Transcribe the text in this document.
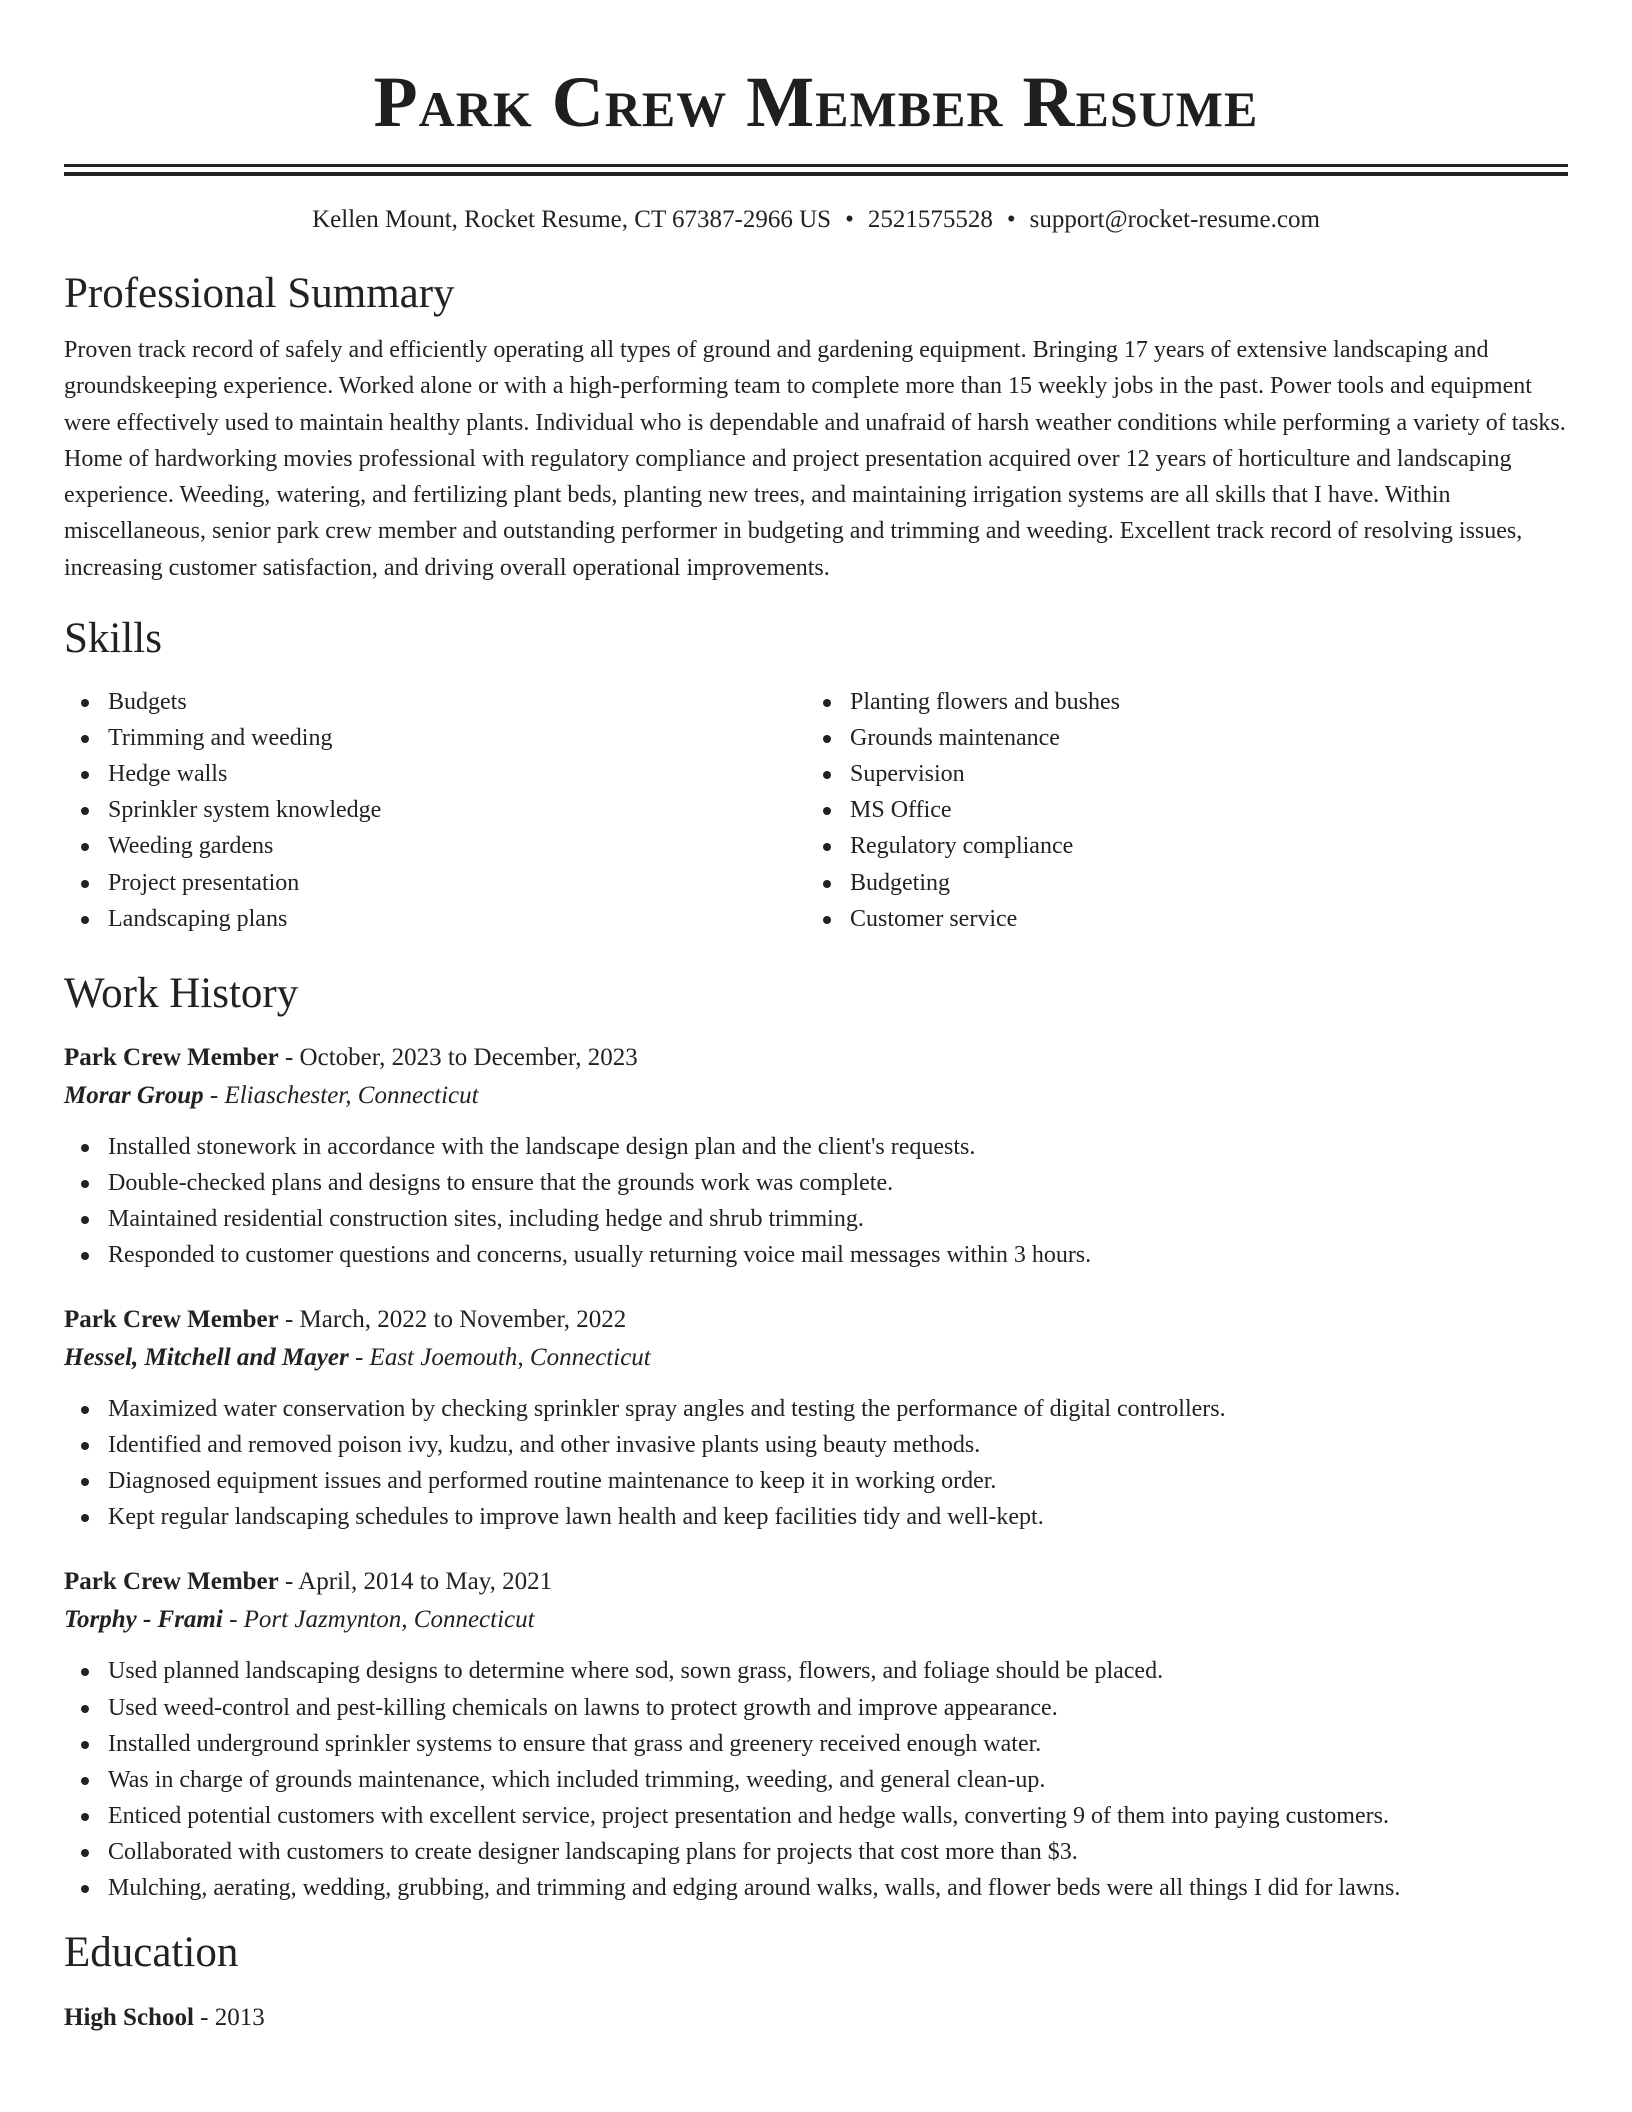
Park Crew Member Resume
Kellen Mount, Rocket Resume, CT 67387-2966 US • 2521575528 • support@rocket-resume.com
Professional Summary

Proven track record of safely and efficiently operating all types of ground and gardening equipment. Bringing 17 years of extensive landscaping and groundskeeping experience. Worked alone or with a high-performing team to complete more than 15 weekly jobs in the past. Power tools and equipment were effectively used to maintain healthy plants. Individual who is dependable and unafraid of harsh weather conditions while performing a variety of tasks. Home of hardworking movies professional with regulatory compliance and project presentation acquired over 12 years of horticulture and landscaping experience. Weeding, watering, and fertilizing plant beds, planting new trees, and maintaining irrigation systems are all skills that I have. Within miscellaneous, senior park crew member and outstanding performer in budgeting and trimming and weeding. Excellent track record of resolving issues, increasing customer satisfaction, and driving overall operational improvements.

Skills
Budgets
Trimming and weeding
Hedge walls
Sprinkler system knowledge
Weeding gardens
Project presentation
Landscaping plans
Planting flowers and bushes
Grounds maintenance
Supervision
MS Office
Regulatory compliance
Budgeting
Customer service
Work History
Park Crew Member - October, 2023 to December, 2023
Morar Group - Eliaschester, Connecticut
Installed stonework in accordance with the landscape design plan and the client's requests.
Double-checked plans and designs to ensure that the grounds work was complete.
Maintained residential construction sites, including hedge and shrub trimming.
Responded to customer questions and concerns, usually returning voice mail messages within 3 hours.
Park Crew Member - March, 2022 to November, 2022
Hessel, Mitchell and Mayer - East Joemouth, Connecticut
Maximized water conservation by checking sprinkler spray angles and testing the performance of digital controllers.
Identified and removed poison ivy, kudzu, and other invasive plants using beauty methods.
Diagnosed equipment issues and performed routine maintenance to keep it in working order.
Kept regular landscaping schedules to improve lawn health and keep facilities tidy and well-kept.
Park Crew Member - April, 2014 to May, 2021
Torphy - Frami - Port Jazmynton, Connecticut
Used planned landscaping designs to determine where sod, sown grass, flowers, and foliage should be placed.
Used weed-control and pest-killing chemicals on lawns to protect growth and improve appearance.
Installed underground sprinkler systems to ensure that grass and greenery received enough water.
Was in charge of grounds maintenance, which included trimming, weeding, and general clean-up.
Enticed potential customers with excellent service, project presentation and hedge walls, converting 9 of them into paying customers.
Collaborated with customers to create designer landscaping plans for projects that cost more than $3.
Mulching, aerating, wedding, grubbing, and trimming and edging around walks, walls, and flower beds were all things I did for lawns.
Education
High School - 2013
